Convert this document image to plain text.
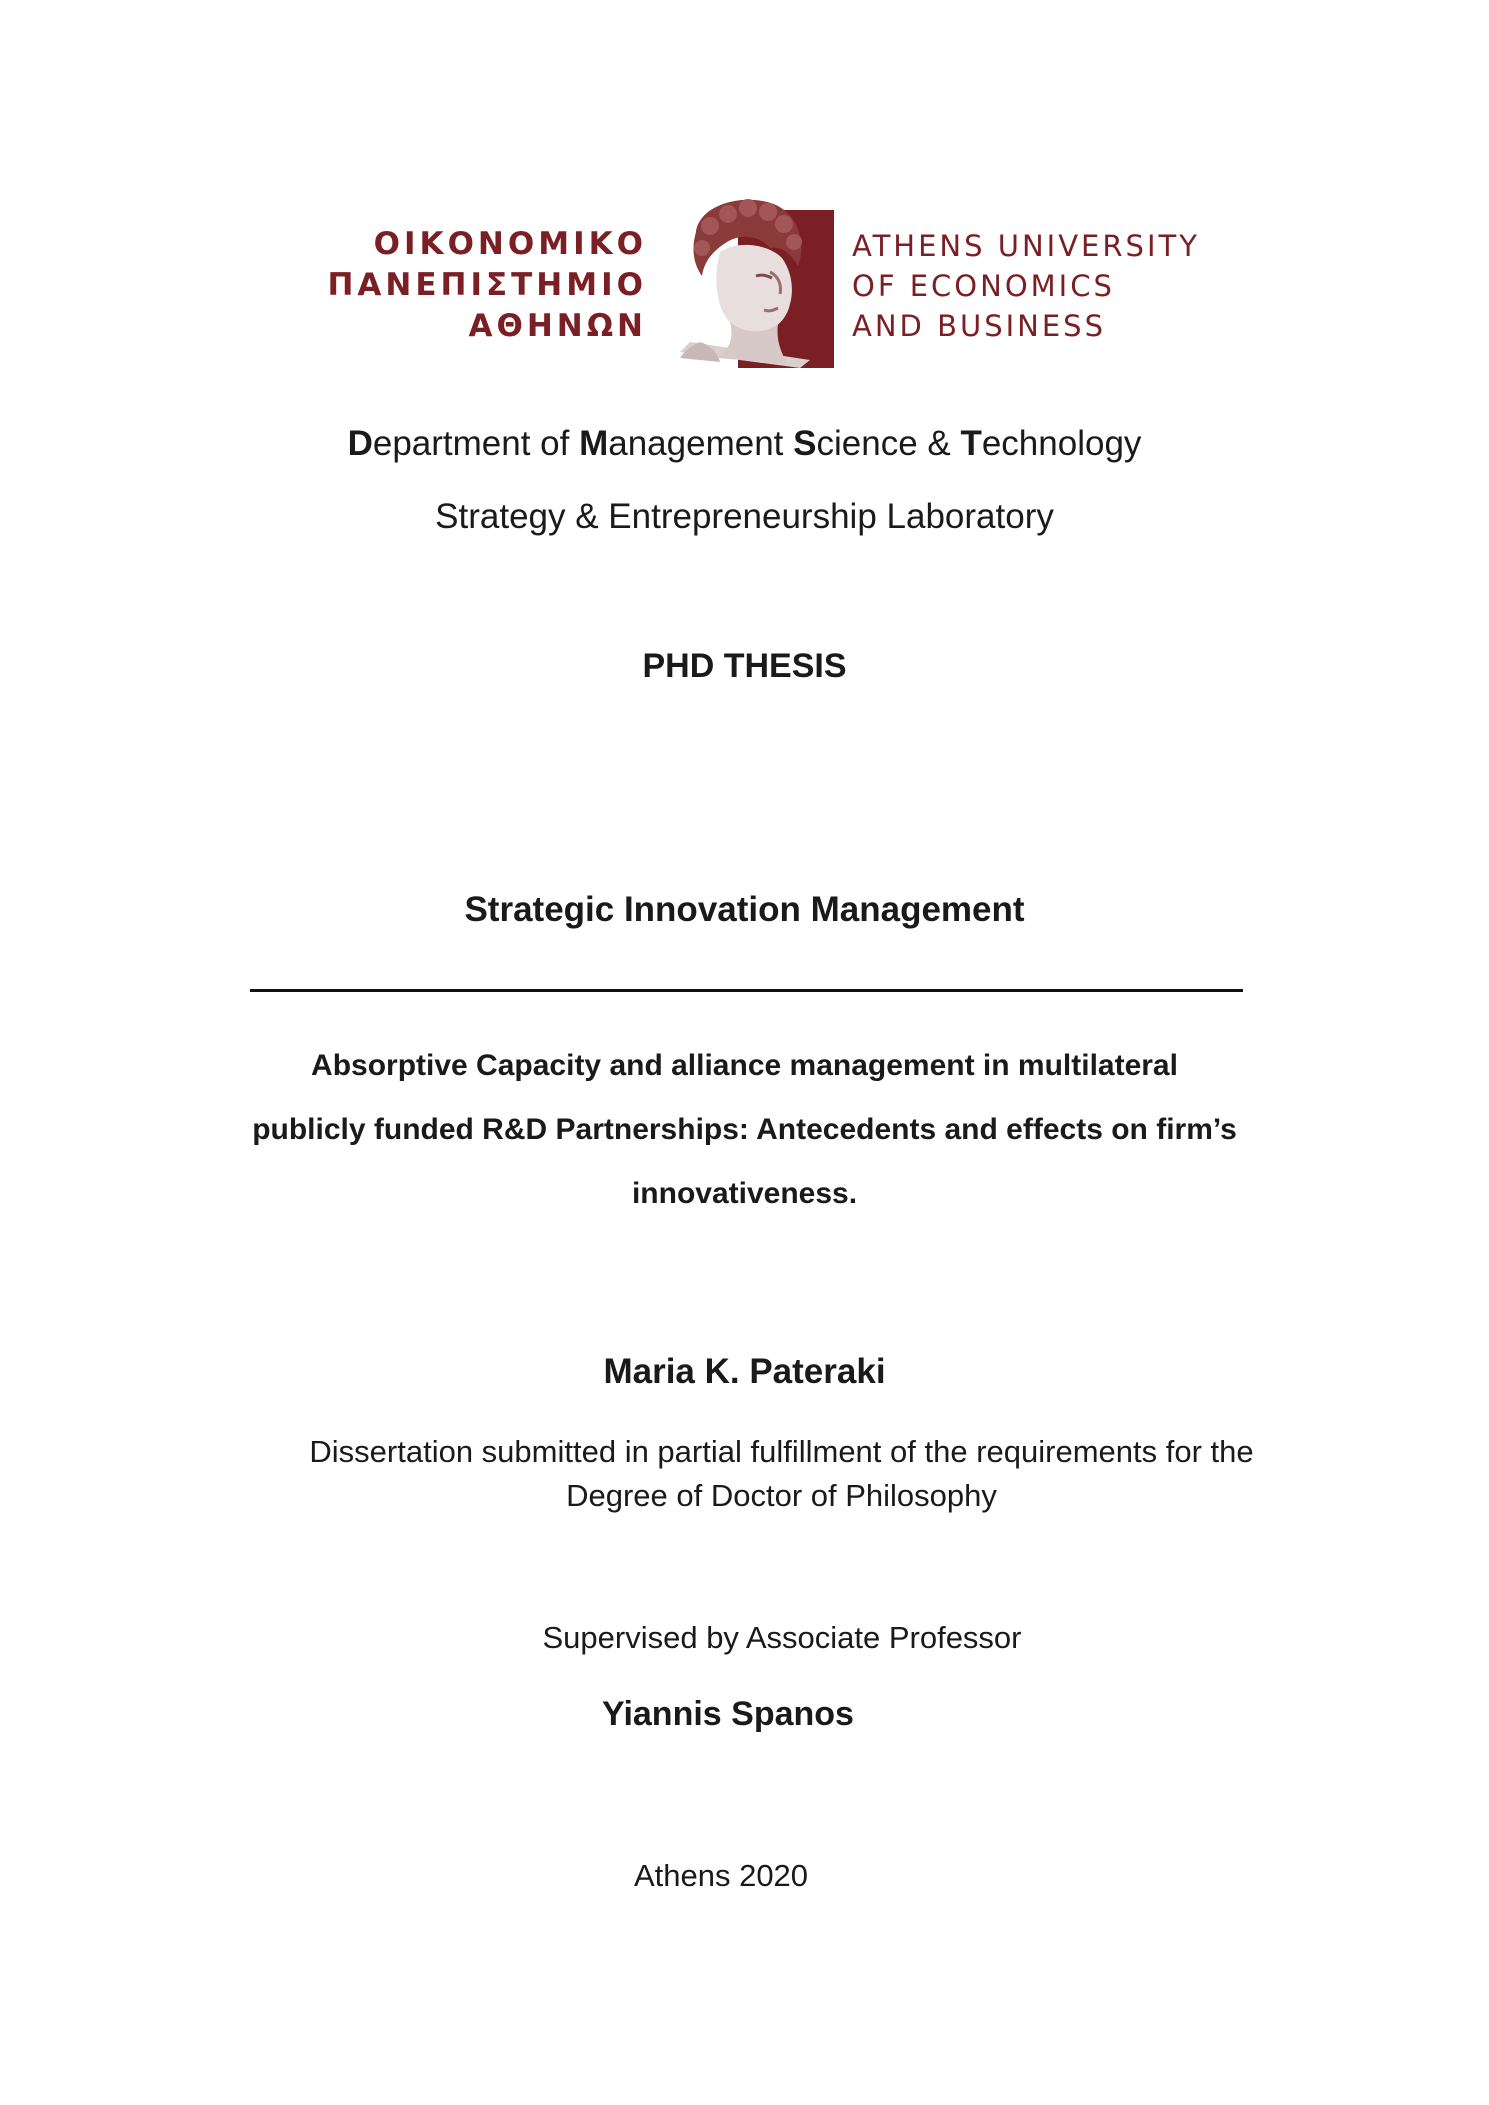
ΟΙΚΟΝΟΜΙΚΟ
ΠΑΝΕΠΙΣΤΗΜΙΟ
ΑΘΗΝΩΝ
ATHENS UNIVERSITY
OF ECONOMICS
AND BUSINESS
Department of Management Science & Technology
Strategy & Entrepreneurship Laboratory
PHD THESIS
Strategic Innovation Management
Absorptive Capacity and alliance management in multilateral
publicly funded R&D Partnerships: Antecedents and effects on firm’s
innovativeness.
Maria K. Pateraki
Dissertation submitted in partial fulfillment of the requirements for the
Degree of Doctor of Philosophy
Supervised by Associate Professor
Yiannis Spanos
Athens 2020
